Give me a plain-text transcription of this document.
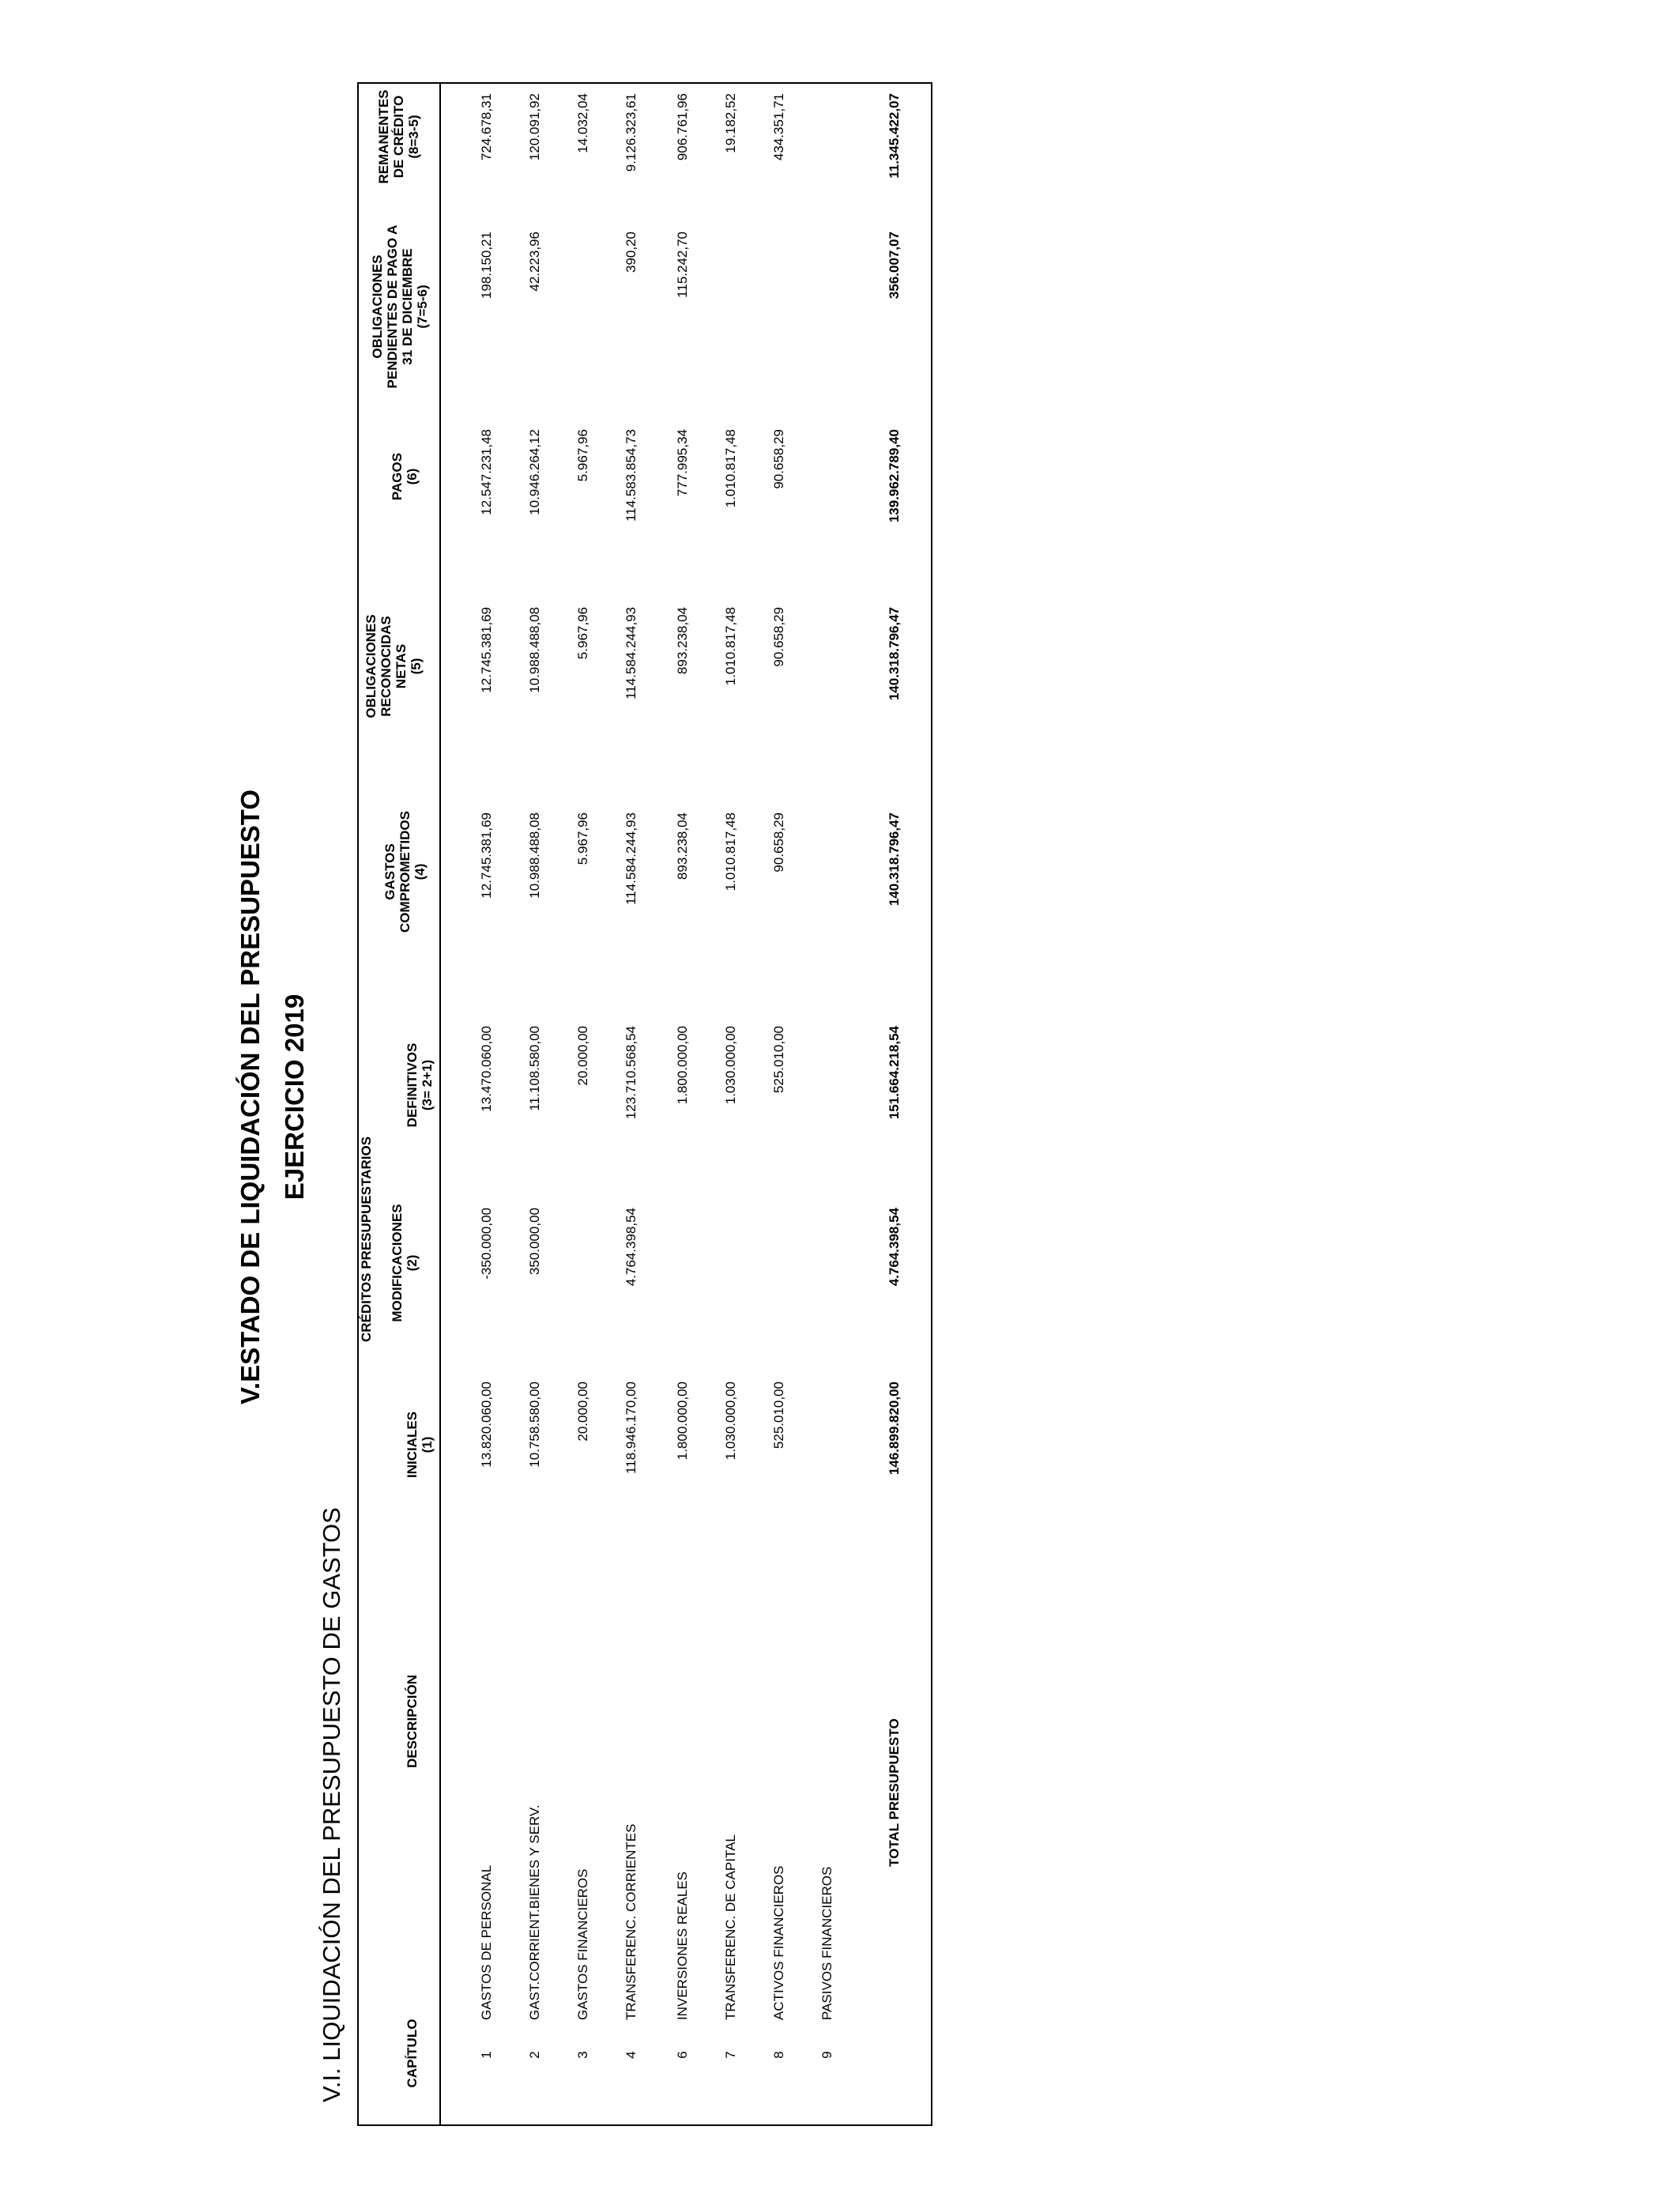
V.ESTADO DE LIQUIDACIÓN DEL PRESUPUESTO EJERCICIO 2019
V.I. LIQUIDACIÓN DEL PRESUPUESTO DE GASTOS	CAPÍTULO
DESCRIPCIÓN
CRÉDITOS PRESUPUESTARIOS
INICIALES (1)
MODIFICACIONES (2)
DEFINITIVOS (3= 2+1)
GASTOS COMPROMETIDOS (4)
OBLIGACIONES RECONOCIDAS NETAS (5)
PAGOS (6)
OBLIGACIONES PENDIENTES DE PAGO A 31 DE DICIEMBRE (7=5-6)
REMANENTES DE CRÉDITO (8=3-5)
1
GASTOS DE PERSONAL
13.820.060,00
-350.000,00
13.470.060,00
12.745.381,69
12.745.381,69
12.547.231,48
198.150,21
724.678,31
2
GAST.CORRIENT.BIENES Y SERV.
10.758.580,00
350.000,00
11.108.580,00
10.988.488,08
10.988.488,08
10.946.264,12
42.223,96
120.091,92
3
GASTOS FINANCIEROS
20.000,00
20.000,00
5.967,96
5.967,96
5.967,96
14.032,04
4
TRANSFERENC. CORRIENTES
118.946.170,00
4.764.398,54
123.710.568,54
114.584.244,93
114.584.244,93
114.583.854,73
390,20
9.126.323,61
6
INVERSIONES REALES
1.800.000,00
1.800.000,00
893.238,04
893.238,04
777.995,34
115.242,70
906.761,96
7
TRANSFERENC. DE CAPITAL
1.030.000,00
1.030.000,00
1.010.817,48
1.010.817,48
1.010.817,48
19.182,52
8
ACTIVOS FINANCIEROS
525.010,00
525.010,00
90.658,29
90.658,29
90.658,29
434.351,71
9
PASIVOS FINANCIEROS
TOTAL PRESUPUESTO
146.899.820,00
4.764.398,54
151.664.218,54
140.318.796,47
140.318.796,47
139.962.789,40
356.007,07
11.345.422,07
